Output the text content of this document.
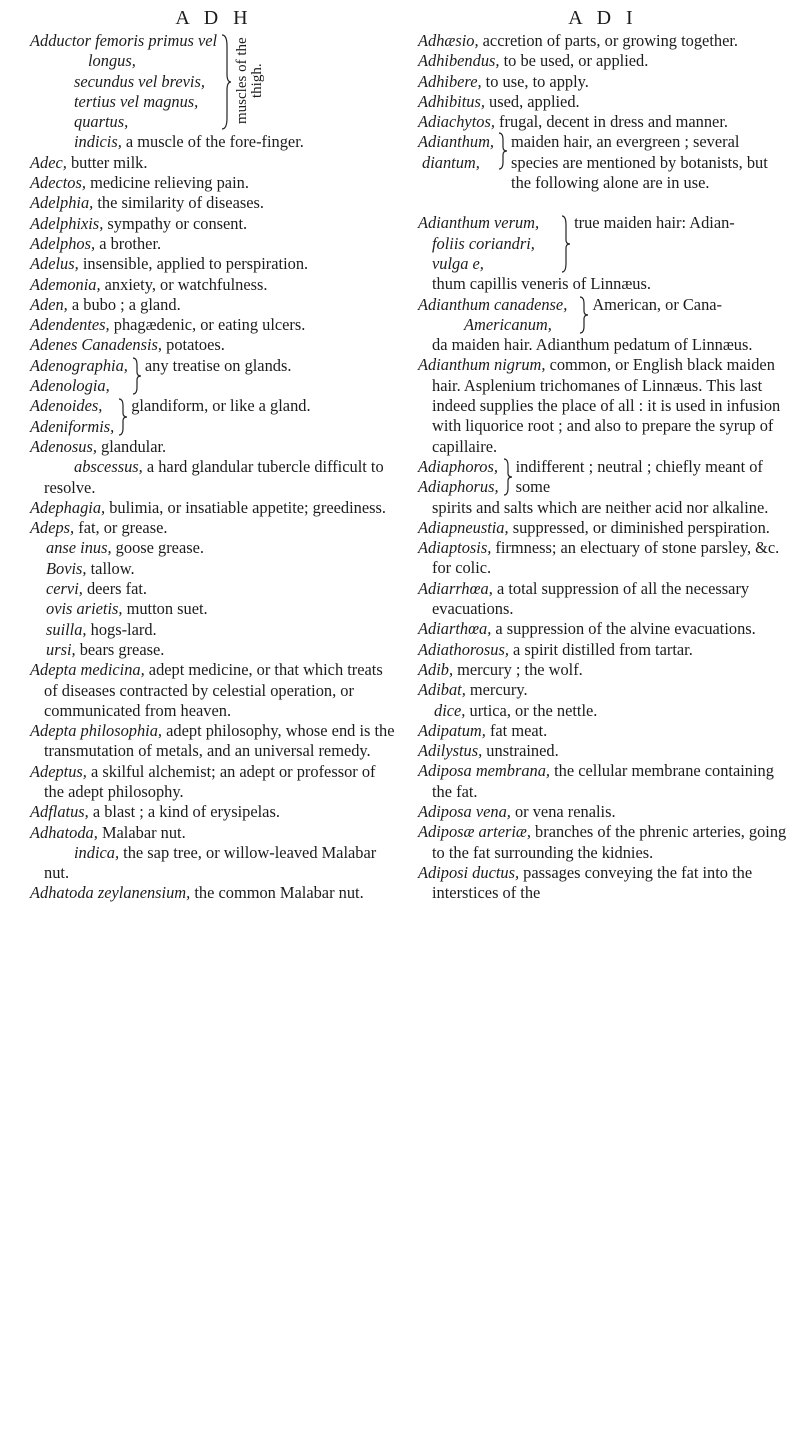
A D H
Adductor femoris primus vel
longus,
secundus vel brevis,
tertius vel magnus,
quartus,	muscles of the thigh.

indicis, a muscle of the fore-finger.

Adec, butter milk.

Adectos, medicine relieving pain.

Adelphia, the similarity of diseases.

Adelphixis, sympathy or consent.

Adelphos, a brother.

Adelus, insensible, applied to perspiration.

Ademonia, anxiety, or watchfulness.

Aden, a bubo ; a gland.

Adendentes, phagædenic, or eating ulcers.

Adenes Canadensis, potatoes.

Adenographia,
Adenologia,
any treatise on glands.
Adenoides,
Adeniformis,
glandiform, or like a gland.

Adenosus, glandular.

abscessus, a hard glandular tubercle difficult to resolve.

Adephagia, bulimia, or insatiable appetite; greediness.

Adeps, fat, or grease.

anse inus, goose grease.

Bovis, tallow.

cervi, deers fat.

ovis arietis, mutton suet.

suilla, hogs-lard.

ursi, bears grease.

Adepta medicina, adept medicine, or that which treats of diseases contracted by celestial operation, or communicated from heaven.

Adepta philosophia, adept philosophy, whose end is the transmutation of metals, and an universal remedy.

Adeptus, a skilful alchemist; an adept or professor of the adept philosophy.

Adflatus, a blast ; a kind of erysipelas.

Adhatoda, Malabar nut.

indica, the sap tree, or willow-leaved Malabar nut.

Adhatoda zeylanensium, the common Malabar nut.

A D I

Adhæsio, accretion of parts, or growing together.

Adhibendus, to be used, or applied.

Adhibere, to use, to apply.

Adhibitus, used, applied.

Adiachytos, frugal, decent in dress and manner.

Adianthum,
diantum,
maiden hair, an evergreen ; several species are mentioned by botanists, but the following alone are in use.
Adianthum verum,
foliis coriandri,
vulga e,
true maiden hair: Adian-

thum capillis veneris of Linnæus.

Adianthum canadense,
Americanum,
American, or Cana-

da maiden hair. Adianthum pedatum of Linnæus.

Adianthum nigrum, common, or English black maiden hair. Asplenium trichomanes of Linnæus. This last indeed supplies the place of all : it is used in infusion with liquorice root ; and also to prepare the syrup of capillaire.

Adiaphoros,
Adiaphorus,
indifferent ; neutral ; chiefly meant of some

spirits and salts which are neither acid nor alkaline.

Adiapneustia, suppressed, or diminished perspiration.

Adiaptosis, firmness; an electuary of stone parsley, &c. for colic.

Adiarrhœa, a total suppression of all the necessary evacuations.

Adiarthœa, a suppression of the alvine evacuations.

Adiathorosus, a spirit distilled from tartar.

Adib, mercury ; the wolf.

Adibat, mercury.

dice, urtica, or the nettle.

Adipatum, fat meat.

Adilystus, unstrained.

Adiposa membrana, the cellular membrane containing the fat.

Adiposa vena, or vena renalis.

Adiposæ arteriæ, branches of the phrenic arteries, going to the fat surrounding the kidnies.

Adiposi ductus, passages conveying the fat into the interstices of the
